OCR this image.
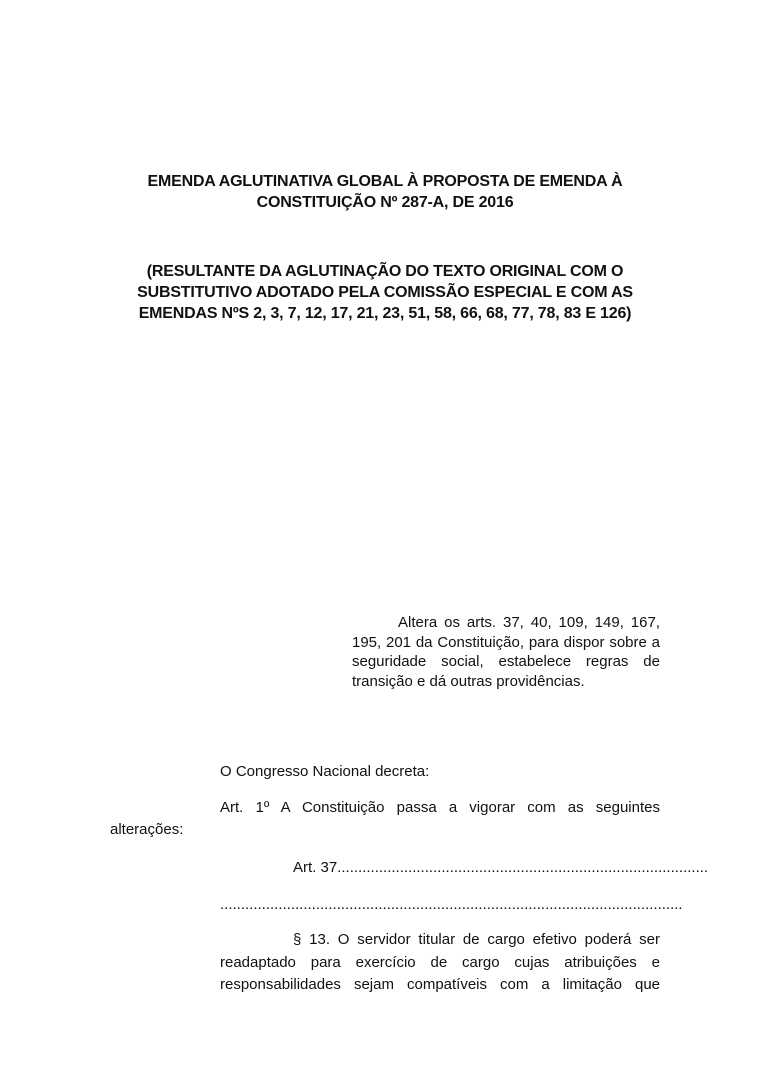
EMENDA AGLUTINATIVA GLOBAL À PROPOSTA DE EMENDA À
CONSTITUIÇÃO Nº 287-A, DE 2016
(RESULTANTE DA AGLUTINAÇÃO DO TEXTO ORIGINAL COM O
SUBSTITUTIVO ADOTADO PELA COMISSÃO ESPECIAL E COM AS
EMENDAS NºS 2, 3, 7, 12, 17, 21, 23, 51, 58, 66, 68, 77, 78, 83 E 126)
Altera os arts. 37, 40, 109, 149, 167, 195, 201 da Constituição, para dispor sobre a seguridade social, estabelece regras de transição e dá outras providências.
O Congresso Nacional decreta:
Art. 1º A Constituição passa a vigorar com as seguintes
alterações:
Art. 37.........................................................................................
...............................................................................................................
§ 13. O servidor titular de cargo efetivo poderá ser
readaptado para exercício de cargo cujas atribuições e
responsabilidades sejam compatíveis com a limitação que
